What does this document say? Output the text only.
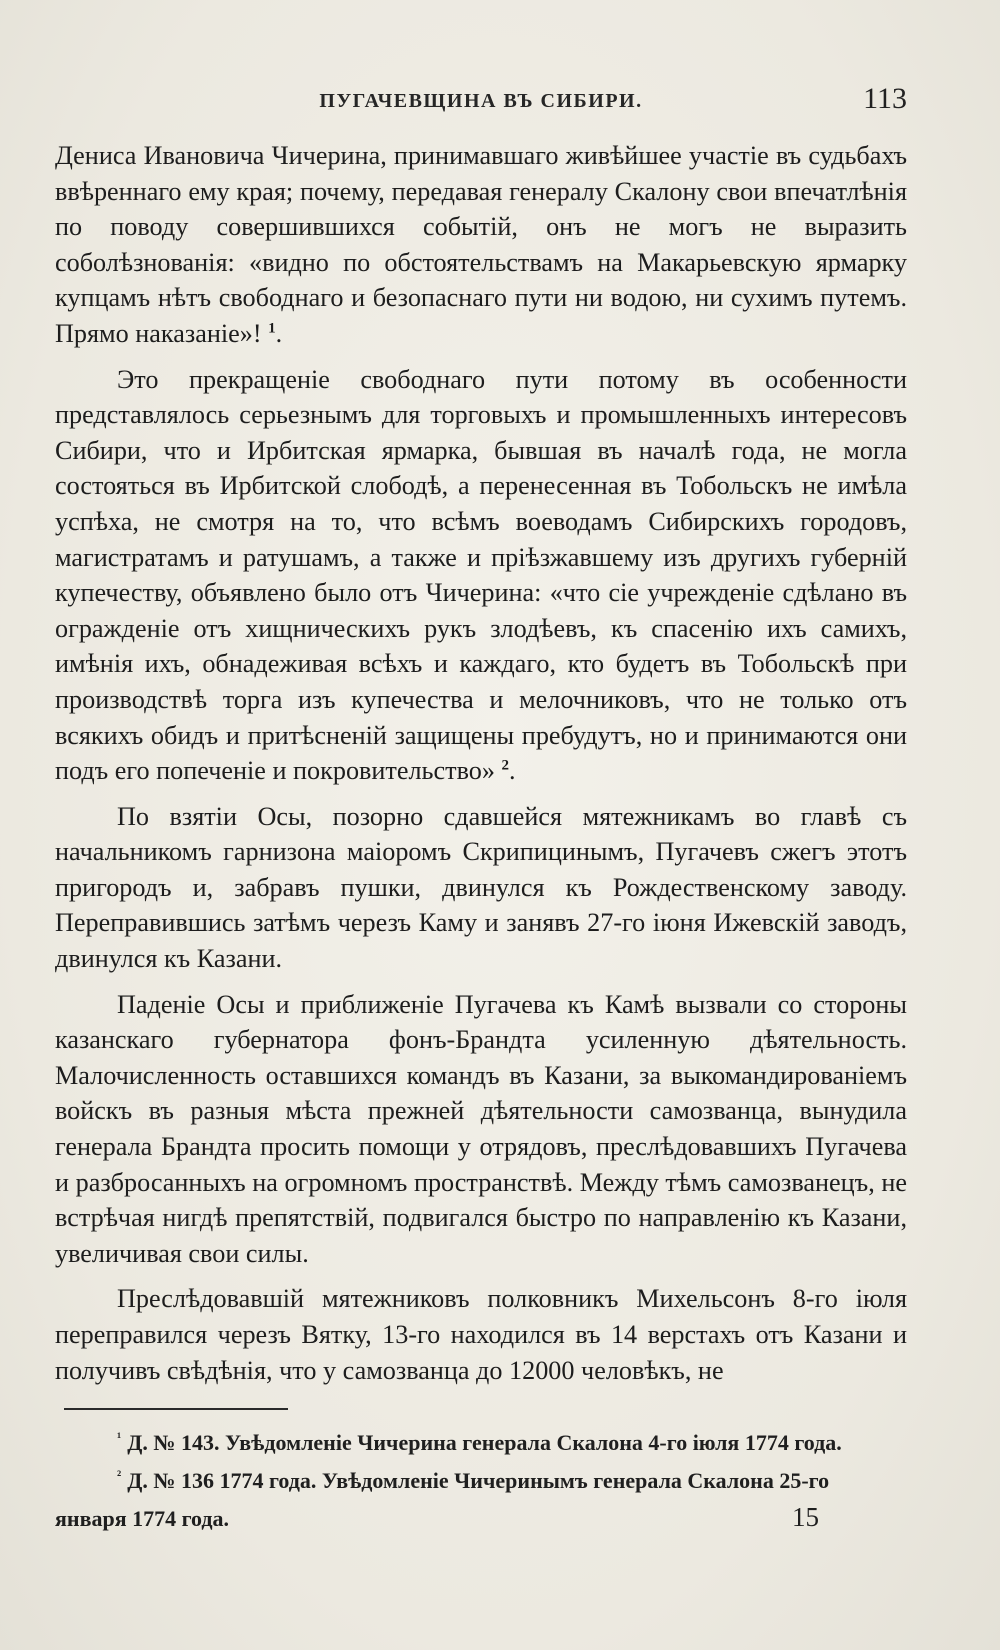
ПУГАЧЕВЩИНА ВЪ СИБИРИ.	113

Дениса Ивановича Чичерина, принимавшаго живѣйшее участіе въ судьбахъ ввѣреннаго ему края; почему, передавая генералу Скалону свои впечатлѣнія по поводу совершившихся событій, онъ не могъ не выразить соболѣзнованія: «видно по обстоятельствамъ на Макарьевскую ярмарку купцамъ нѣтъ свободнаго и безопаснаго пути ни водою, ни сухимъ путемъ. Прямо наказаніе»! $^1$.

Это прекращеніе свободнаго пути потому въ особенности представлялось серьезнымъ для торговыхъ и промышленныхъ интересовъ Сибири, что и Ирбитская ярмарка, бывшая въ началѣ года, не могла состояться въ Ирбитской слободѣ, а перенесенная въ Тобольскъ не имѣла успѣха, не смотря на то, что всѣмъ воеводамъ Сибирскихъ городовъ, магистратамъ и ратушамъ, а также и пріѣзжавшему изъ другихъ губерній купечеству, объявлено было отъ Чичерина: «что сіе учрежденіе сдѣлано въ огражденіе отъ хищническихъ рукъ злодѣевъ, къ спасенію ихъ самихъ, имѣнія ихъ, обнадеживая всѣхъ и каждаго, кто будетъ въ Тобольскѣ при производствѣ торга изъ купечества и мелочниковъ, что не только отъ всякихъ обидъ и притѣсненій защищены пребудутъ, но и принимаются они подъ его попеченіе и покровительство» $^2$.

По взятіи Осы, позорно сдавшейся мятежникамъ во главѣ съ начальникомъ гарнизона маіоромъ Скрипицинымъ, Пугачевъ сжегъ этотъ пригородъ и, забравъ пушки, двинулся къ Рождественскому заводу. Переправившись затѣмъ черезъ Каму и занявъ 27-го іюня Ижевскій заводъ, двинулся къ Казани.

Паденіе Осы и приближеніе Пугачева къ Камѣ вызвали со стороны казанскаго губернатора фонъ-Брандта усиленную дѣятельность. Малочисленность оставшихся командъ въ Казани, за выкомандированіемъ войскъ въ разныя мѣста прежней дѣятельности самозванца, вынудила генерала Брандта просить помощи у отрядовъ, преслѣдовавшихъ Пугачева и разбросанныхъ на огромномъ пространствѣ. Между тѣмъ самозванецъ, не встрѣчая нигдѣ препятствій, подвигался быстро по направленію къ Казани, увеличивая свои силы.

Преслѣдовавшій мятежниковъ полковникъ Михельсонъ 8-го іюля переправился черезъ Вятку, 13-го находился въ 14 верстахъ отъ Казани и получивъ свѣдѣнія, что у самозванца до 12000 человѣкъ, не

$^{^1}$ Д. № 143. Увѣдомленіе Чичерина генерала Скалона 4-го іюля 1774 года.

$^{^2}$ Д. № 136 1774 года. Увѣдомленіе Чичеринымъ генерала Скалона 25-го

января 1774 года.	15
